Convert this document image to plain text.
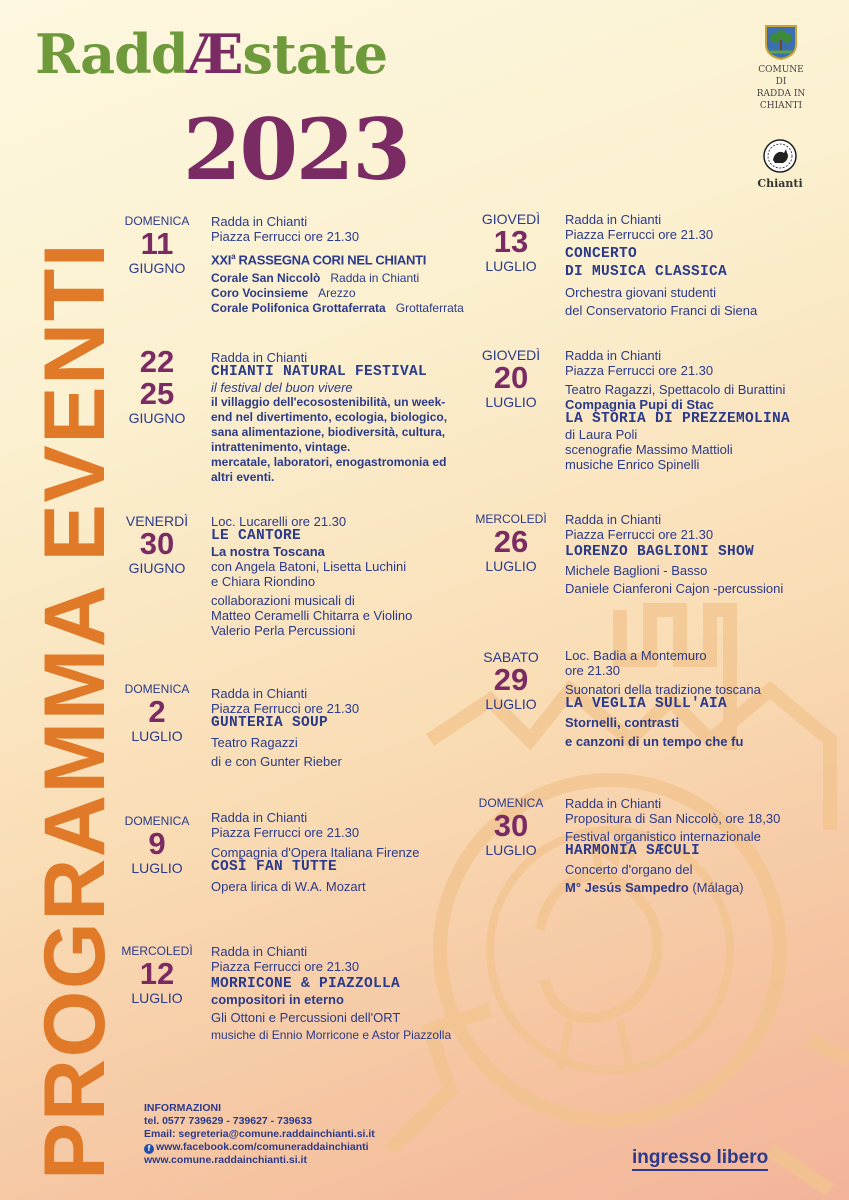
RaddÆstate
2023
PROGRAMMA EVENTI
COMUNE
DI
RADDA IN CHIANTI
Chianti
DOMENICA
11
GIUGNO
Radda in Chianti
Piazza Ferrucci ore 21.30
XXI$^a$ RASSEGNA CORI NEL CHIANTI
Corale San Niccolò Radda in Chianti
Coro Vocinsieme Arezzo
Corale Polifonica Grottaferrata Grottaferrata
22
25
GIUGNO
Radda in Chianti
CHIANTI NATURAL FESTIVAL
il festival del buon vivere
il villaggio dell'ecosostenibilità, un week-
end nel divertimento, ecologia, biologico,
sana alimentazione, biodiversità, cultura,
intrattenimento, vintage.
mercatale, laboratori, enogastromonia ed
altri eventi.
VENERDÌ
30
GIUGNO
Loc. Lucarelli ore 21.30
LE CANTORE
La nostra Toscana
con Angela Batoni, Lisetta Luchini
e Chiara Riondino
collaborazioni musicali di
Matteo Ceramelli Chitarra e Violino
Valerio Perla Percussioni
DOMENICA
2
LUGLIO
Radda in Chianti
Piazza Ferrucci ore 21.30
GUNTERIA SOUP
Teatro Ragazzi
di e con Gunter Rieber
DOMENICA
9
LUGLIO
Radda in Chianti
Piazza Ferrucci ore 21.30
Compagnia d'Opera Italiana Firenze
COSÌ FAN TUTTE
Opera lirica di W.A. Mozart
MERCOLEDÌ
12
LUGLIO
Radda in Chianti
Piazza Ferrucci ore 21.30
MORRICONE & PIAZZOLLA
compositori in eterno
Gli Ottoni e Percussioni dell'ORT
musiche di Ennio Morricone e Astor Piazzolla
GIOVEDÌ
13
LUGLIO
Radda in Chianti
Piazza Ferrucci ore 21.30
CONCERTO
DI MUSICA CLASSICA
Orchestra giovani studenti
del Conservatorio Franci di Siena
GIOVEDÌ
20
LUGLIO
Radda in Chianti
Piazza Ferrucci ore 21.30
Teatro Ragazzi, Spettacolo di Burattini
Compagnia Pupi di Stac
LA STORIA DI PREZZEMOLINA
di Laura Poli
scenografie Massimo Mattioli
musiche Enrico Spinelli
MERCOLEDÌ
26
LUGLIO
Radda in Chianti
Piazza Ferrucci ore 21.30
LORENZO BAGLIONI SHOW
Michele Baglioni - Basso
Daniele Cianferoni Cajon -percussioni
SABATO
29
LUGLIO
Loc. Badia a Montemuro
ore 21.30
Suonatori della tradizione toscana
LA VEGLIA SULL'AIA
Stornelli, contrasti
e canzoni di un tempo che fu
DOMENICA
30
LUGLIO
Radda in Chianti
Propositura di San Niccolò, ore 18,30
Festival organistico internazionale
HARMONIA SÆCULI
Concerto d'organo del
M° Jesús Sampedro (Málaga)
INFORMAZIONI
tel. 0577 739629 - 739627 - 739633
Email: segreteria@comune.raddainchianti.si.it
f www.facebook.com/comuneraddainchianti
www.comune.raddainchianti.si.it	ingresso libero
